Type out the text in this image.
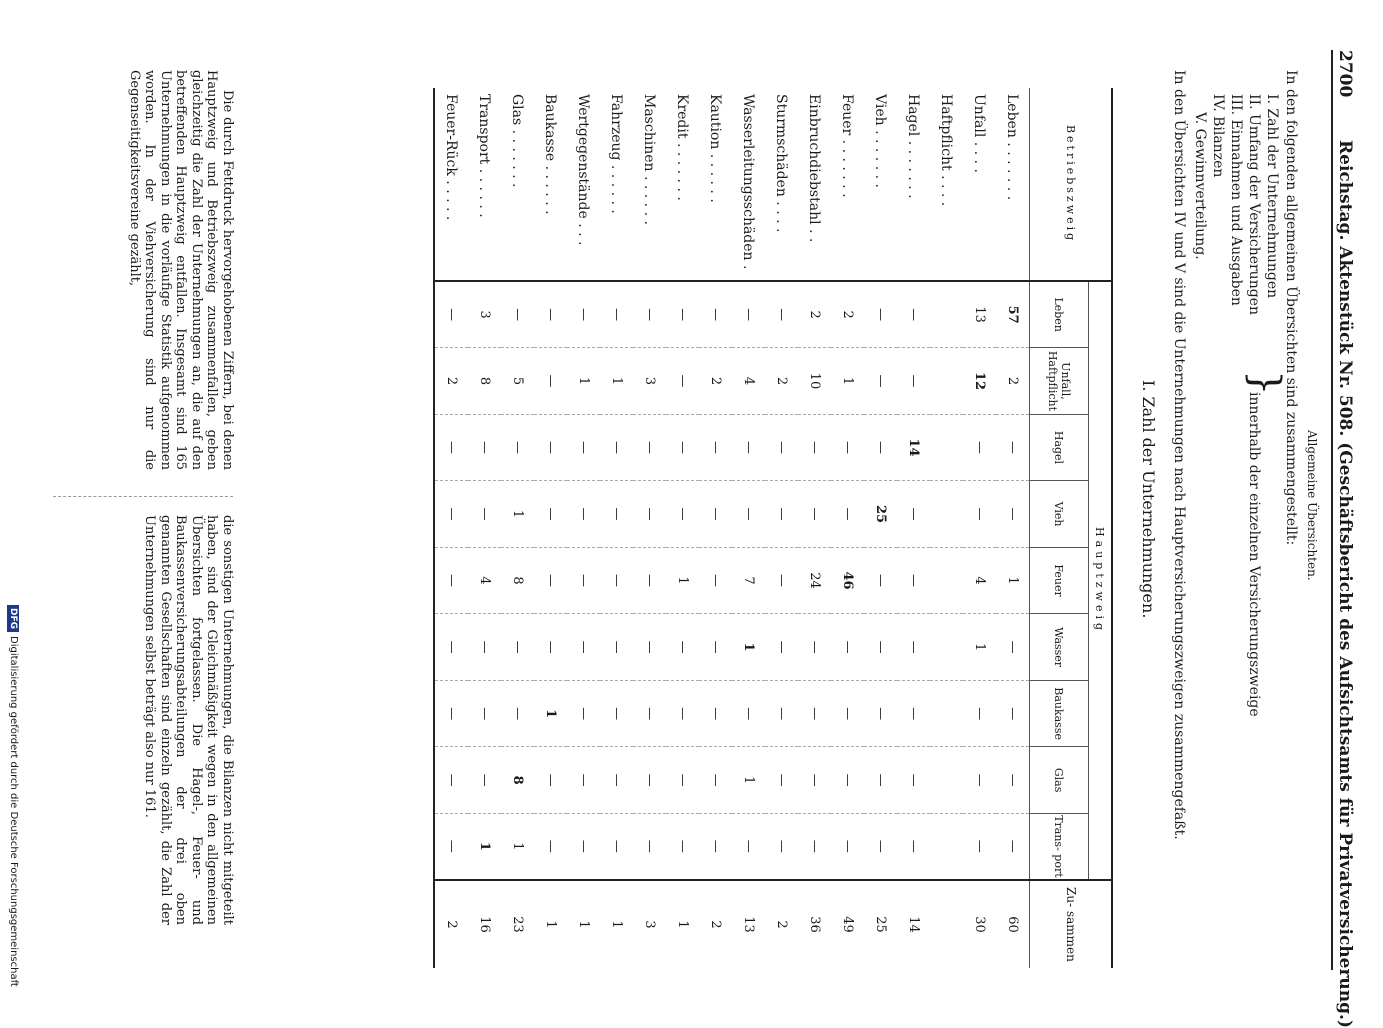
2700
Reichstag. Aktenstück Nr. 508. (Geschäftsbericht des Aufsichtsamts für Privatversicherung.)
Allgemeine Übersichten.
In den folgenden allgemeinen Übersichten sind zusammengestellt:
I. Zahl der Unternehmungen
II. Umfang der Versicherungen
III. Einnahmen und Ausgaben
}
innerhalb der einzelnen Versicherungszweige
IV. Bilanzen
V. Gewinnverteilung.
In den Übersichten IV und V sind die Unternehmungen nach Hauptversicherungszweigen zusammengefaßt.
I. Zahl der Unternehmungen.
Betriebszweig	Hauptzweig									Zu- sammen
	Leben	Unfall, Haftpflicht	Hagel	Vieh	Feuer	Wasser	Baukasse	Glas	Trans- port	
Leben . . . . . . .	57	2	—	—	1	—	—	—	—	60
Unfall . . . .	13	12	—	—	4	1	—	—	—	30
Haftpflicht . . . .										
Hagel . . . . . . .	—	—	14	—	—	—	—	—	—	14
Vieh . . . . . . .	—	—	—	25	—	—	—	—	—	25
Feuer . . . . . . .	2	1	—	—	46	—	—	—	—	49
Einbruchdiebstahl . .	2	10	—	—	24	—	—	—	—	36
Sturmschäden . . . .	—	2	—	—	—	—	—	—	—	2
Wasserleitungsschäden .	—	4	—	—	7	1	—	1	—	13
Kaution . . . . . .	—	2	—	—	—	—	—	—	—	2
Kredit . . . . . . .	—	—	—	—	1	—	—	—	—	1
Maschinen . . . . . .	—	3	—	—	—	—	—	—	—	3
Fahrzeug . . . . . .	—	1	—	—	—	—	—	—	—	1
Wertgegenstände . . .	—	1	—	—	—	—	—	—	—	1
Baukasse . . . . . .	—	—	—	—	—	—	1	—	—	1
Glas . . . . . . .	—	5	—	1	8	—	—	8	1	23
Transport . . . . . .	3	8	—	—	4	—	—	—	1	16
Feuer-Rück . . . . .	—	2	—	—	—	—	—	—	—	2
Die durch Fettdruck hervorgehobenen Ziffern, bei denen Hauptzweig und Betriebszweig zusammenfallen, geben gleichzeitig die Zahl der Unternehmungen an, die auf den betreffenden Hauptzweig entfallen. Insgesamt sind 165 Unternehmungen in die vorläufige Statistik aufgenommen worden. In der Viehversicherung sind nur die Gegenseitigkeitsvereine gezählt,
die sonstigen Unternehmungen, die Bilanzen nicht mitgeteilt haben, sind der Gleichmäßigkeit wegen in den allgemeinen Übersichten fortgelassen. Die Hagel-, Feuer- und Baukassenversicherungsabteilungen der drei oben genannten Gesellschaften sind einzeln gezählt, die Zahl der Unternehmungen selbst beträgt also nur 161.
DFGDigitalisierung gefördert durch die Deutsche Forschungsgemeinschaft
